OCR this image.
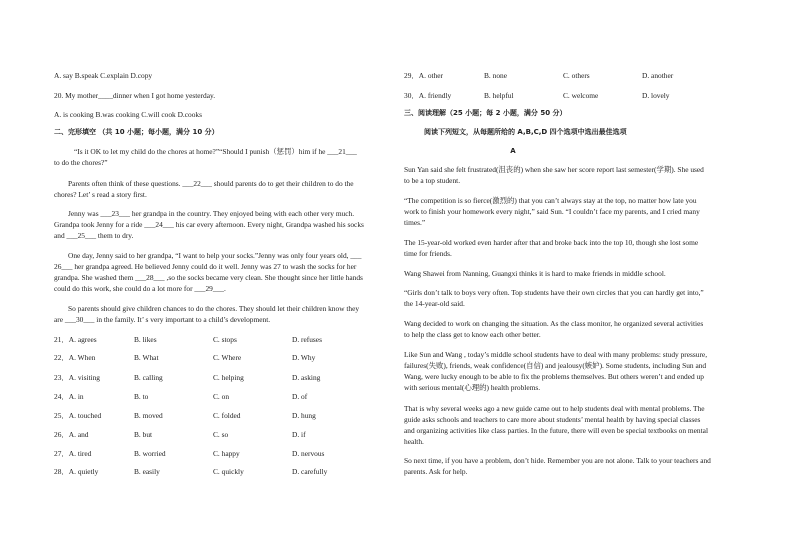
A. say B.speak C.explain D.copy
20. My mother____dinner when I got home yesterday.
A. is cooking B.was cooking C.will cook D.cooks
二、完形填空 （共 10 小题；每小题，满分 10 分）

“Is it OK to let my child do the chores at home?”“Should I punish（惩罚）him if he ___21___

to do the chores?”

Parents often think of these questions. ___22___ should parents do to get their children to do the

chores? Let’ s read a story first.

Jenny was ___23___ her grandpa in the country. They enjoyed being with each other very much.

Grandpa took Jenny for a ride ___24___ his car every afternoon. Every night, Grandpa washed his socks

and ___25___ them to dry.

One day, Jenny said to her grandpa, “I want to help your socks.”Jenny was only four years old, ___

26___ her grandpa agreed. He believed Jenny could do it well. Jenny was 27 to wash the socks for her

grandpa. She washed them ___28___ ,so the socks became very clean. She thought since her little hands

could do this work, she could do a lot more for ___29___.

So parents should give children chances to do the chores. They should let their children know they

are ___30___ in the family. It’ s very important to a child’s development.

21．A. agrees	B. likes	C. stops	D. refuses
22．A. When	B. What	C. Where	D. Why
23．A. visiting	B. calling	C. helping	D. asking
24．A. in	B. to	C. on	D. of
25．A. touched	B. moved	C. folded	D. hung
26．A. and	B. but	C. so	D. if
27．A. tired	B. worried	C. happy	D. nervous
28．A. quietly	B. easily	C. quickly	D. carefully
29．A. other	B. none	C. others	D. another
30．A. friendly	B. helpful	C. welcome	D. lovely
三、阅读理解（25 小题；每 2 小题，满分 50 分）
阅读下列短文，从每题所给的 A,B,C,D 四个选项中选出最佳选项
A

Sun Yan said she felt frustrated(沮丧的) when she saw her score report last semester(学期). She used

to be a top student.

“The competition is so fierce(激烈的) that you can’t always stay at the top, no matter how late you

work to finish your homework every night,” said Sun. “I couldn’t face my parents, and I cried many

times.”

The 15-year-old worked even harder after that and broke back into the top 10, though she lost some

time for friends.

Wang Shawei from Nanning, Guangxi thinks it is hard to make friends in middle school.

“Girls don’t talk to boys very often. Top students have their own circles that you can hardly get into,”

the 14-year-old said.

Wang decided to work on changing the situation. As the class monitor, he organized several activities

to help the class get to know each other better.

Like Sun and Wang , today’s middle school students have to deal with many problems: study pressure,

failures(失败), friends, weak confidence(自信) and jealousy(嫉妒). Some students, including Sun and

Wang, were lucky enough to be able to fix the problems themselves. But others weren’t and ended up

with serious mental(心理的) health problems.

That is why several weeks ago a new guide came out to help students deal with mental problems. The

guide asks schools and teachers to care more about students’ mental health by having special classes

and organizing activities like class parties. In the future, there will even be special textbooks on mental

health.

So next time, if you have a problem, don’t hide. Remember you are not alone. Talk to your teachers and

parents. Ask for help.
